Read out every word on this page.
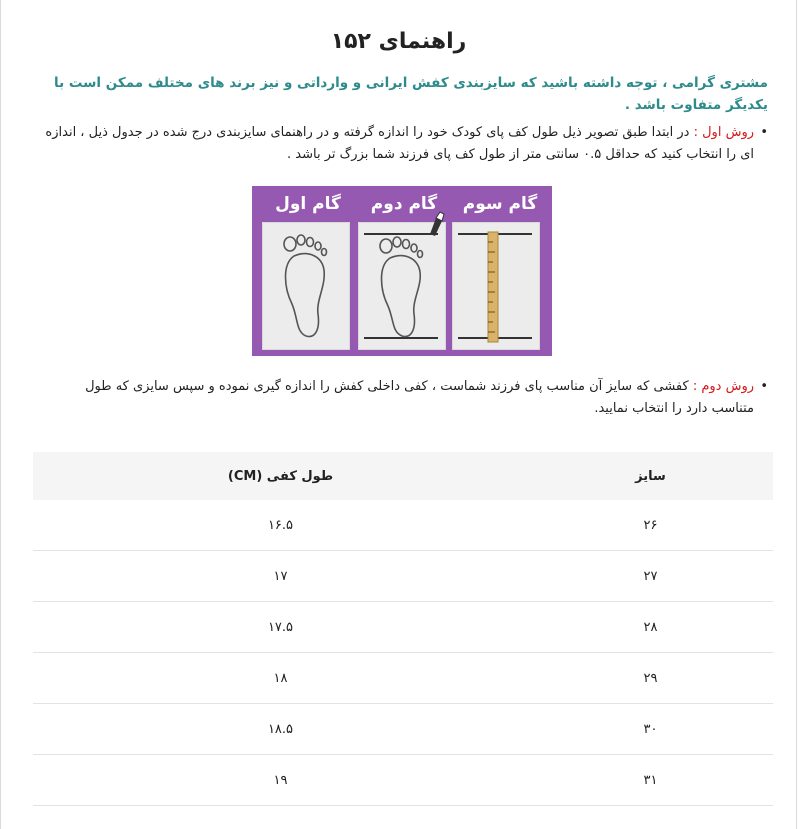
راهنمای ۱۵۲

مشتری گرامی ، توجه داشته باشید که سایزبندی کفش ایرانی و وارداتی و نیز برند های مختلف ممکن است با یکدیگر متفاوت باشد .

•
روش اول : در ابتدا طبق تصویر ذیل طول کف پای کودک خود را اندازه گرفته و در راهنمای سایزبندی درج شده در جدول ذیل ، اندازه ای را انتخاب کنید که حداقل ۰.۵ سانتی متر از طول کف پای فرزند شما بزرگ تر باشد .

گام اول	گام دوم	گام سوم

•
روش دوم : کفشی که سایز آن مناسب پای فرزند شماست ، کفی داخلی کفش را اندازه گیری نموده و سپس سایزی که طول متناسب دارد را انتخاب نمایید.

سایز	طول کفی (CM)
۲۶	۱۶.۵
۲۷	۱۷
۲۸	۱۷.۵
۲۹	۱۸
۳۰	۱۸.۵
۳۱	۱۹
